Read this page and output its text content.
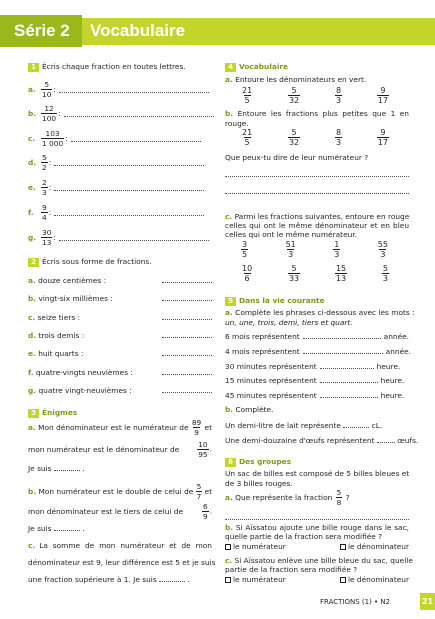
Série 2 Vocabulaire
1 Écris chaque fraction en toutes lettres.
a. $\frac{5}{10}$ :
b. $\frac{12}{100}$ :
c. $\frac{103}{1 000}$ :
d. $\frac{5}{2}$ :
e. $\frac{2}{3}$ :
f. $\frac{9}{4}$ :
g. $\frac{30}{13}$ :
2 Écris sous forme de fractions.
a. douze centièmes :
b. vingt-six millièmes :
c. seize tiers :
d. trois demis :
e. huit quarts :
f. quatre-vingts neuvièmes :
g. quatre vingt-neuvièmes :
3 Énigmes
a. Mon dénominateur est le numérateur de $\frac{89}{9}$ et
mon numérateur est le dénominateur de $\frac{10}{95}$ .
Je suis	.
b. Mon numérateur est le double de celui de $\frac{5}{7}$ et
mon dénominateur est le tiers de celui de	$\frac{6}{9}$ .
Je suis	.
c. La somme de mon numérateur et de mon
dénominateur est 9, leur différence est 5 et je suis
une fraction supérieure à 1. Je suis	.
4 Vocabulaire
a. Entoure les dénominateurs en vert.
$\frac{21}{5}$	$\frac{5}{32}$	$\frac{8}{3}$	$\frac{9}{17}$
b. Entoure les fractions plus petites que 1 en
rouge.
$\frac{21}{5}$	$\frac{5}{32}$	$\frac{8}{3}$	$\frac{9}{17}$
Que peux-tu dire de leur numérateur ?
c. Parmi les fractions suivantes, entoure en rouge
celles qui ont le même dénominateur et en bleu
celles qui ont le même numérateur.
$\frac{3}{5}$	$\frac{51}{3}$	$\frac{1}{3}$	$\frac{55}{3}$
$\frac{10}{6}$	$\frac{5}{33}$	$\frac{15}{13}$	$\frac{5}{3}$
5 Dans la vie courante
a. Complète les phrases ci-dessous avec les mots :
un, une, trois, demi, tiers et quart.
6 mois représentent	année.
4 mois représentent	année.
30 minutes représentent	heure.
15 minutes représentent	heure.
45 minutes représentent	heure.
b. Complète.
Un demi-litre de lait représente	cL.
Une demi-douzaine d'œufs représentent	œufs.
6 Des groupes
Un sac de billes est composé de 5 billes bleues et
de 3 billes rouges.
a.
Que représente la fraction
$\frac{5}{8}$
?
b. Si Aïssatou ajoute une bille rouge dans le sac,
quelle partie de la fraction sera modifiée ?
le numérateur	le dénominateur
c. Si Aïssatou enlève une bille bleue du sac, quelle
partie de la fraction sera modifiée ?
le numérateur	le dénominateur
FRACTIONS (1) • N2	21
